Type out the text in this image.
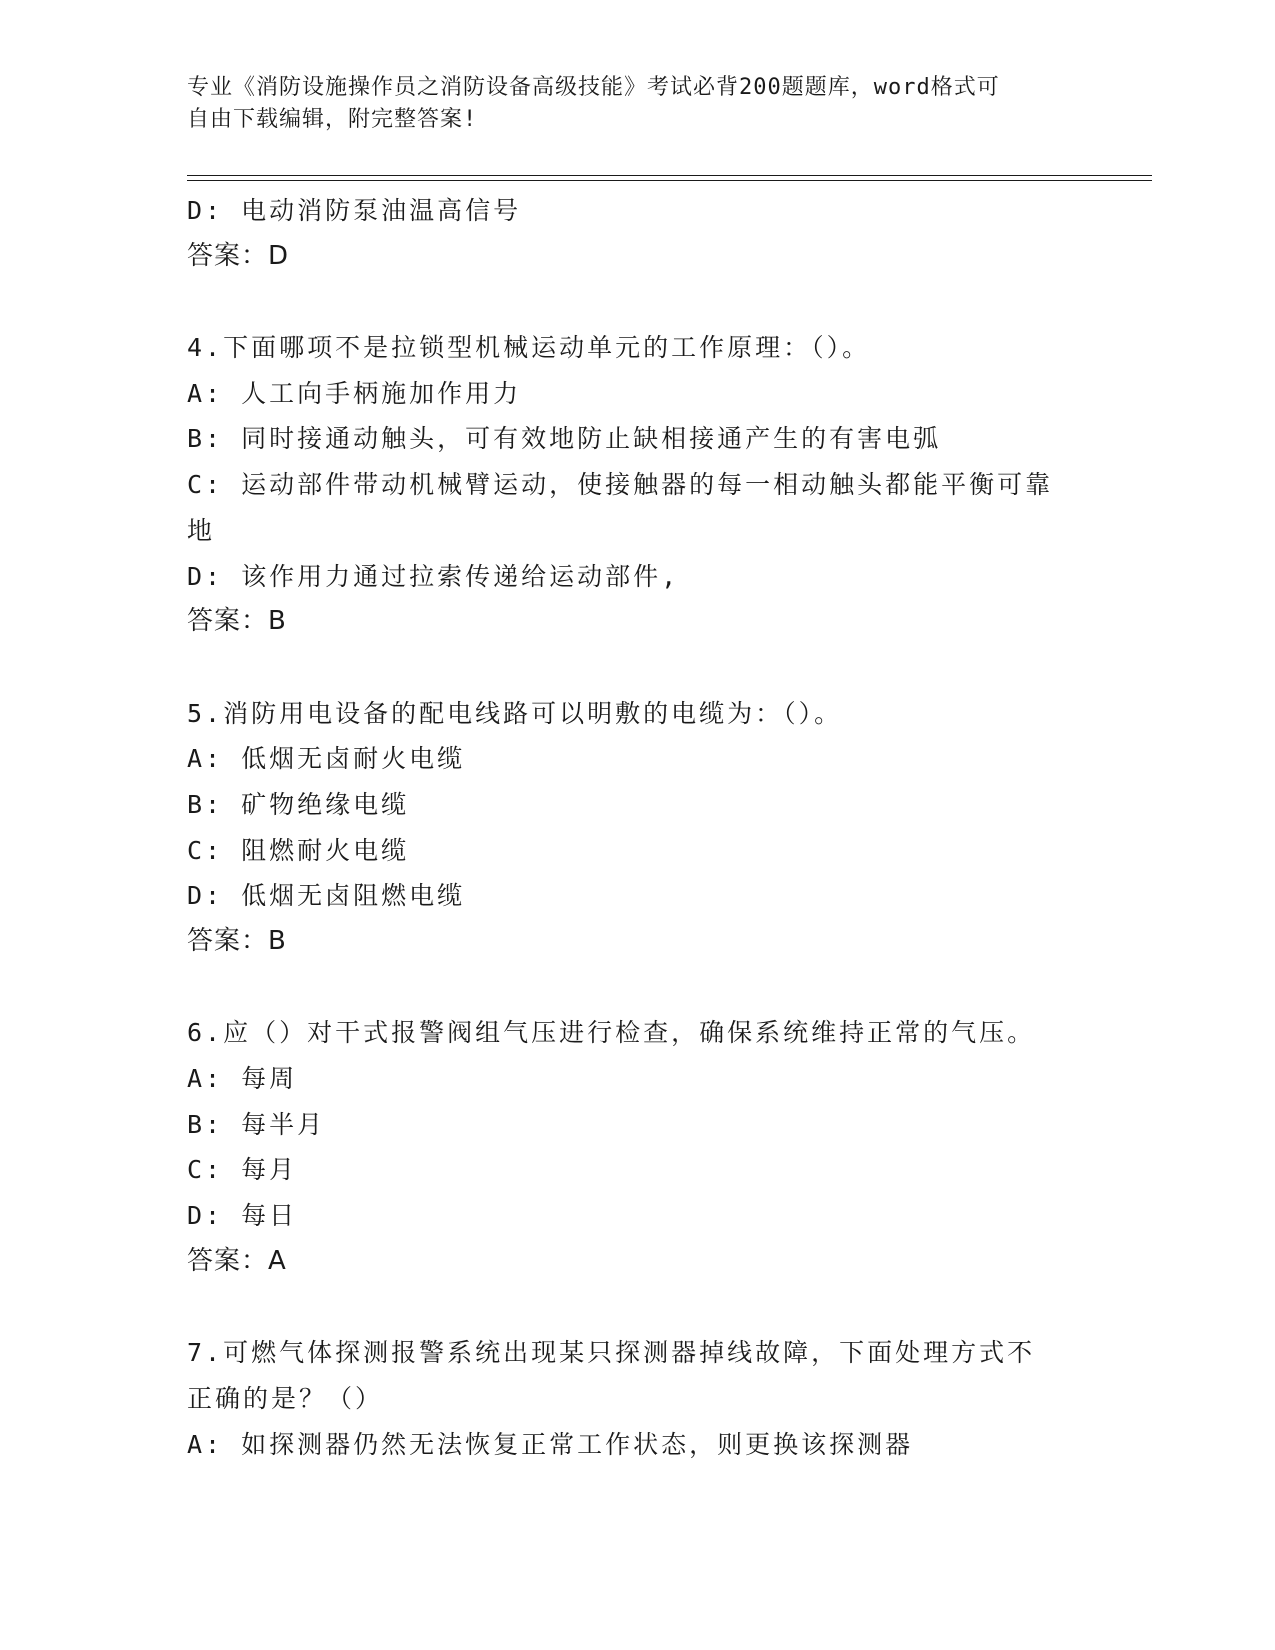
专业《消防设施操作员之消防设备高级技能》考试必背200题题库，word格式可

自由下载编辑，附完整答案!

D: 电动消防泵油温高信号

答案：D

4.下面哪项不是拉锁型机械运动单元的工作原理：（）。

A: 人工向手柄施加作用力

B: 同时接通动触头，可有效地防止缺相接通产生的有害电弧

C: 运动部件带动机械臂运动，使接触器的每一相动触头都能平衡可靠

地

D: 该作用力通过拉索传递给运动部件,

答案：B

5.消防用电设备的配电线路可以明敷的电缆为：（）。

A: 低烟无卤耐火电缆

B: 矿物绝缘电缆

C: 阻燃耐火电缆

D: 低烟无卤阻燃电缆

答案：B

6.应（）对干式报警阀组气压进行检查，确保系统维持正常的气压。

A: 每周

B: 每半月

C: 每月

D: 每日

答案：A

7.可燃气体探测报警系统出现某只探测器掉线故障，下面处理方式不

正确的是？（）

A: 如探测器仍然无法恢复正常工作状态，则更换该探测器
